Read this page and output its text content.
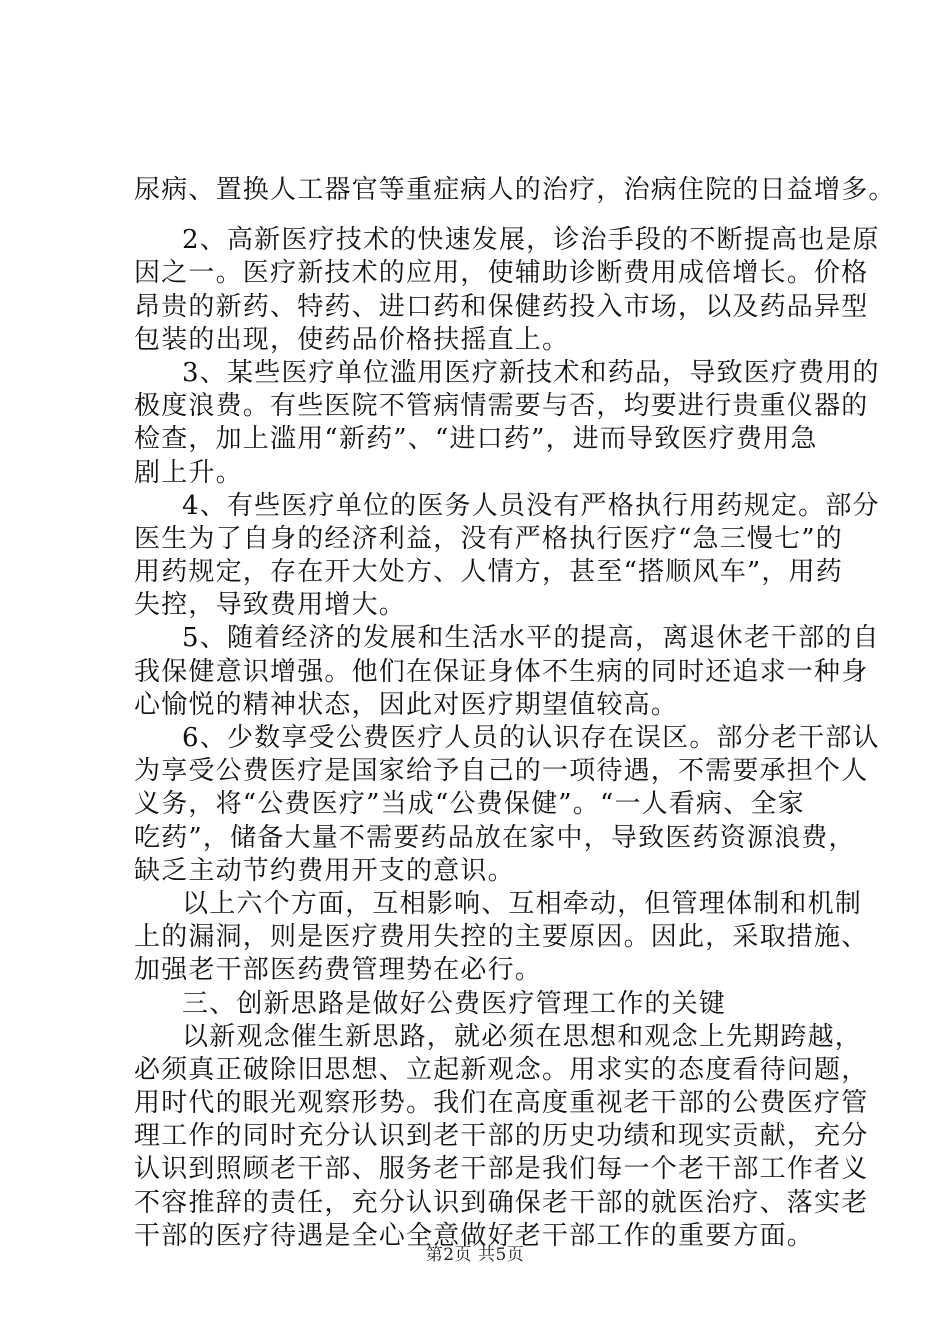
尿病、置换人工器官等重症病人的治疗，治病住院的日益增多。
2、高新医疗技术的快速发展，诊治手段的不断提高也是原
因之一。医疗新技术的应用，使辅助诊断费用成倍增长。价格
昂贵的新药、特药、进口药和保健药投入市场，以及药品异型
包装的出现，使药品价格扶摇直上。
3、某些医疗单位滥用医疗新技术和药品，导致医疗费用的
极度浪费。有些医院不管病情需要与否，均要进行贵重仪器的
检查，加上滥用“新药”、“进口药”，进而导致医疗费用急
剧上升。
4、有些医疗单位的医务人员没有严格执行用药规定。部分
医生为了自身的经济利益，没有严格执行医疗“急三慢七”的
用药规定，存在开大处方、人情方，甚至“搭顺风车”，用药
失控，导致费用增大。
5、随着经济的发展和生活水平的提高，离退休老干部的自
我保健意识增强。他们在保证身体不生病的同时还追求一种身
心愉悦的精神状态，因此对医疗期望值较高。
6、少数享受公费医疗人员的认识存在误区。部分老干部认
为享受公费医疗是国家给予自己的一项待遇，不需要承担个人
义务，将“公费医疗”当成“公费保健”。“一人看病、全家
吃药”，储备大量不需要药品放在家中，导致医药资源浪费，
缺乏主动节约费用开支的意识。
以上六个方面，互相影响、互相牵动，但管理体制和机制
上的漏洞，则是医疗费用失控的主要原因。因此，采取措施、
加强老干部医药费管理势在必行。
三、创新思路是做好公费医疗管理工作的关键
以新观念催生新思路，就必须在思想和观念上先期跨越，
必须真正破除旧思想、立起新观念。用求实的态度看待问题，
用时代的眼光观察形势。我们在高度重视老干部的公费医疗管
理工作的同时充分认识到老干部的历史功绩和现实贡献，充分
认识到照顾老干部、服务老干部是我们每一个老干部工作者义
不容推辞的责任，充分认识到确保老干部的就医治疗、落实老
干部的医疗待遇是全心全意做好老干部工作的重要方面。
第2页 共5页
